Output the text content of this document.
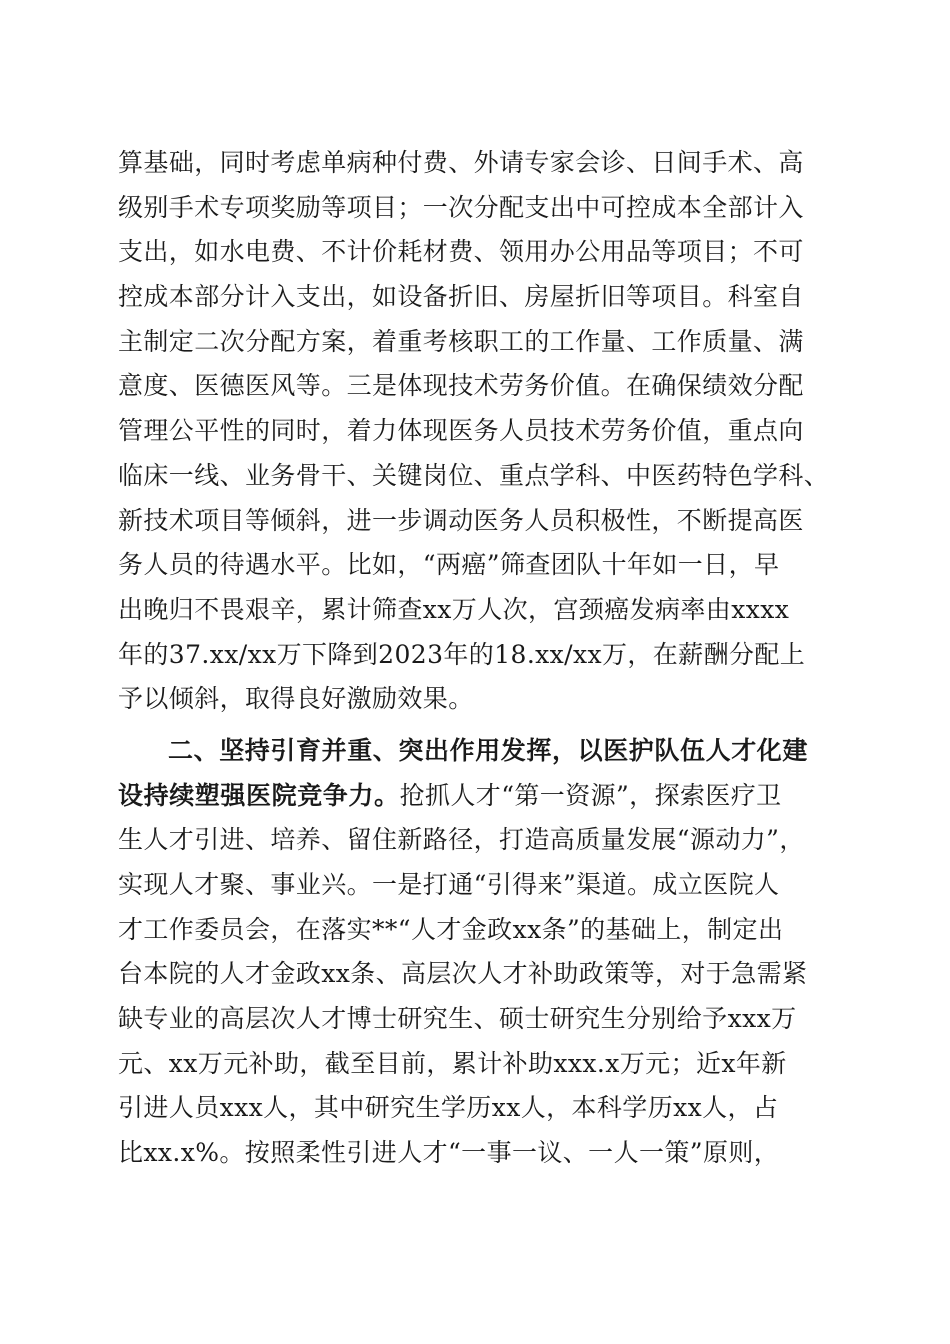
算基础，同时考虑单病种付费、外请专家会诊、日间手术、高
级别手术专项奖励等项目；一次分配支出中可控成本全部计入
支出，如水电费、不计价耗材费、领用办公用品等项目；不可
控成本部分计入支出，如设备折旧、房屋折旧等项目。科室自
主制定二次分配方案，着重考核职工的工作量、工作质量、满
意度、医德医风等。三是体现技术劳务价值。在确保绩效分配
管理公平性的同时，着力体现医务人员技术劳务价值，重点向
临床一线、业务骨干、关键岗位、重点学科、中医药特色学科、
新技术项目等倾斜，进一步调动医务人员积极性，不断提高医
务人员的待遇水平。比如，“两癌”筛查团队十年如一日，早
出晚归不畏艰辛，累计筛查xx万人次，宫颈癌发病率由xxxx
年的37.xx/xx万下降到2023年的18.xx/xx万，在薪酬分配上
予以倾斜，取得良好激励效果。
二、坚持引育并重、突出作用发挥，以医护队伍人才化建
设持续塑强医院竞争力。抢抓人才“第一资源”，探索医疗卫
生人才引进、培养、留住新路径，打造高质量发展“源动力”，
实现人才聚、事业兴。一是打通“引得来”渠道。成立医院人
才工作委员会，在落实**“人才金政xx条”的基础上，制定出
台本院的人才金政xx条、高层次人才补助政策等，对于急需紧
缺专业的高层次人才博士研究生、硕士研究生分别给予xxx万
元、xx万元补助，截至目前，累计补助xxx.x万元；近x年新
引进人员xxx人，其中研究生学历xx人，本科学历xx人，占
比xx.x%。按照柔性引进人才“一事一议、一人一策”原则，
